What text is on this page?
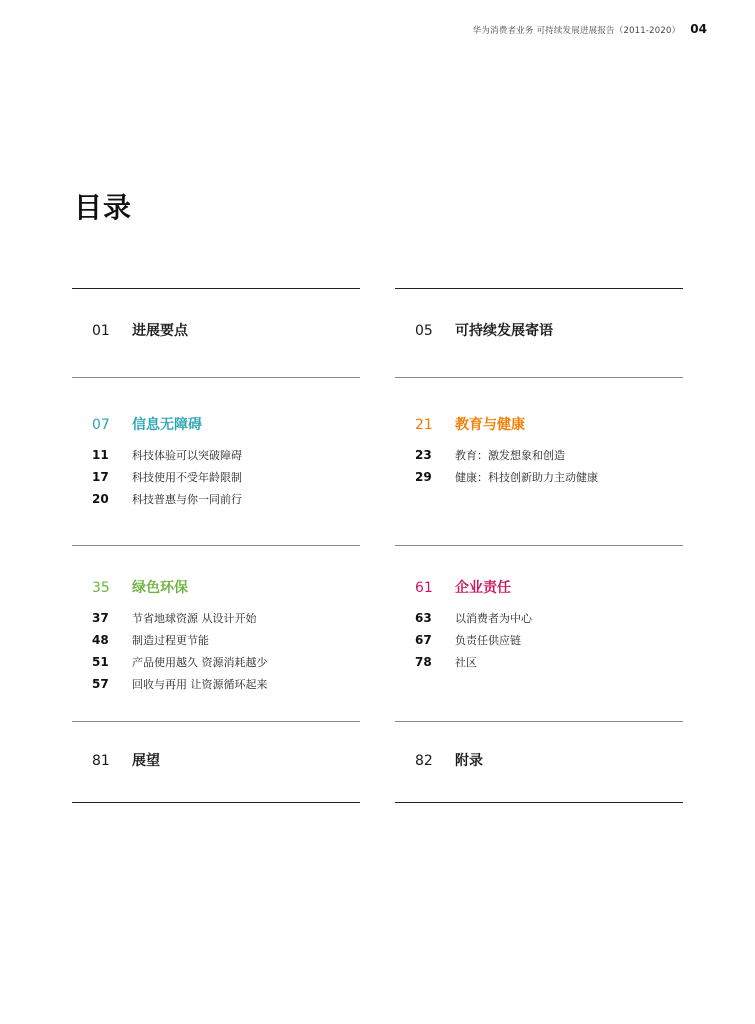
华为消费者业务 可持续发展进展报告（2011-2020） 04
目录
01	进展要点
07	信息无障碍
11	科技体验可以突破障碍
17	科技使用不受年龄限制
20	科技普惠与你一同前行
35	绿色环保
37	节省地球资源 从设计开始
48	制造过程更节能
51	产品使用越久 资源消耗越少
57	回收与再用 让资源循环起来
81	展望
05	可持续发展寄语
21	教育与健康
23	教育：激发想象和创造
29	健康：科技创新助力主动健康
61	企业责任
63	以消费者为中心
67	负责任供应链
78	社区
82	附录
